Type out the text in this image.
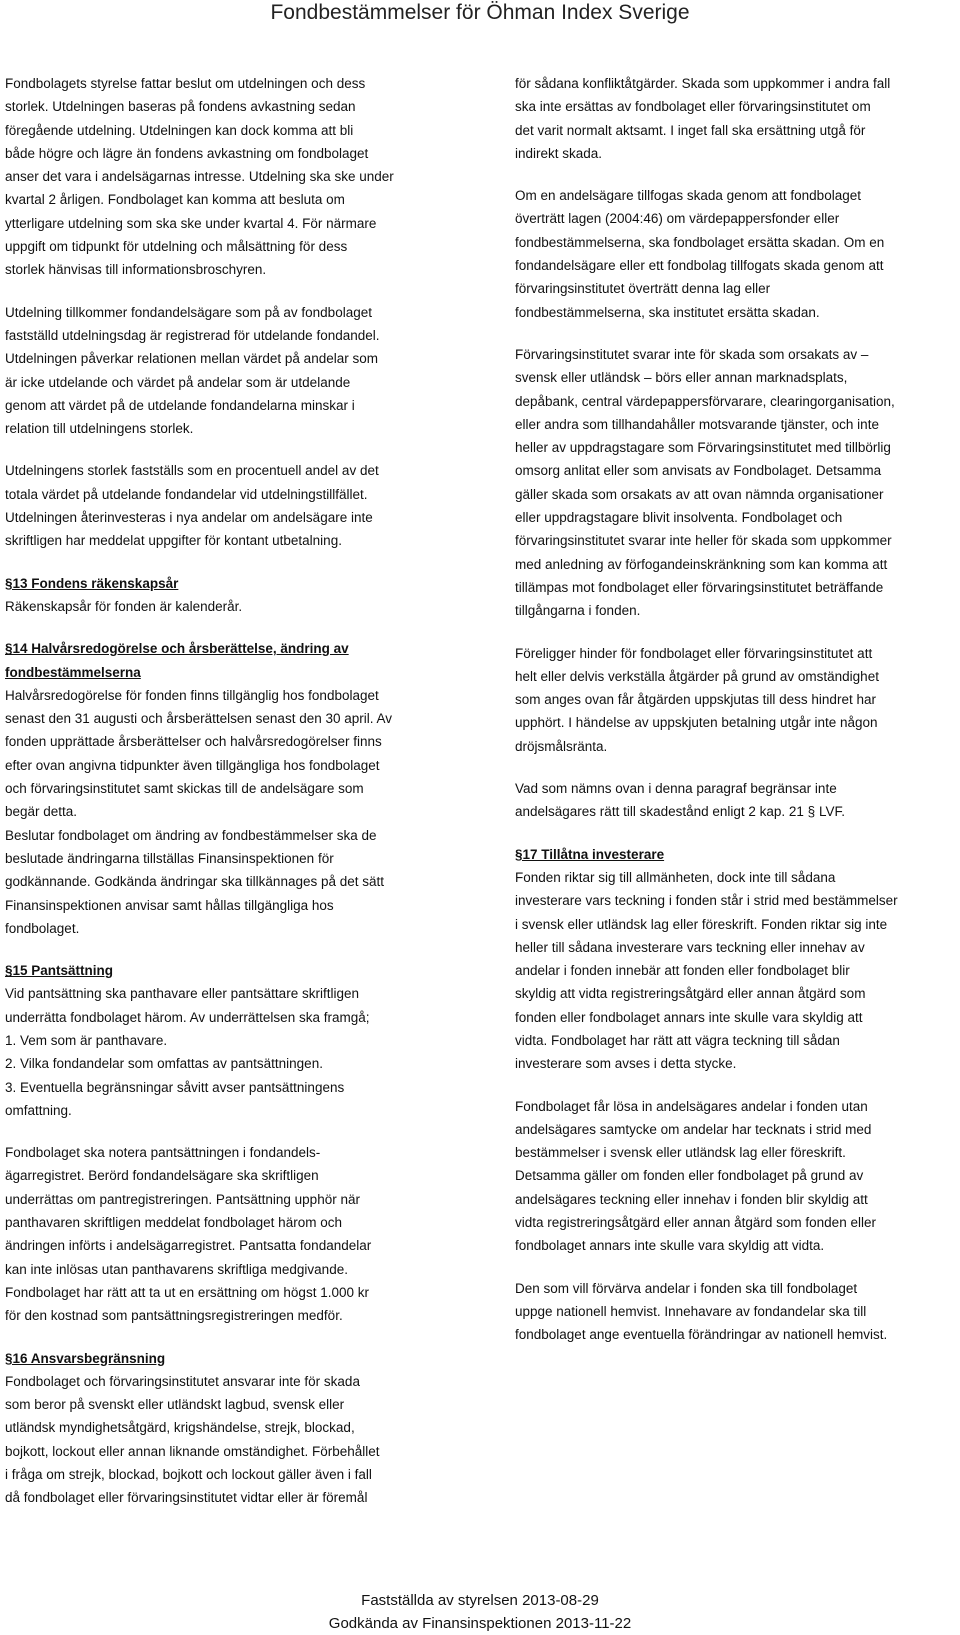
Fondbestämmelser för Öhman Index Sverige
Fondbolagets styrelse fattar beslut om utdelningen och dess
storlek. Utdelningen baseras på fondens avkastning sedan
föregående utdelning. Utdelningen kan dock komma att bli
både högre och lägre än fondens avkastning om fondbolaget
anser det vara i andelsägarnas intresse. Utdelning ska ske under
kvartal 2 årligen. Fondbolaget kan komma att besluta om
ytterligare utdelning som ska ske under kvartal 4. För närmare
uppgift om tidpunkt för utdelning och målsättning för dess
storlek hänvisas till informationsbroschyren.
Utdelning tillkommer fondandelsägare som på av fondbolaget
fastställd utdelningsdag är registrerad för utdelande fondandel.
Utdelningen påverkar relationen mellan värdet på andelar som
är icke utdelande och värdet på andelar som är utdelande
genom att värdet på de utdelande fondandelarna minskar i
relation till utdelningens storlek.
Utdelningens storlek fastställs som en procentuell andel av det
totala värdet på utdelande fondandelar vid utdelningstillfället.
Utdelningen återinvesteras i nya andelar om andelsägare inte
skriftligen har meddelat uppgifter för kontant utbetalning.
§13 Fondens räkenskapsår
Räkenskapsår för fonden är kalenderår.
§14 Halvårsredogörelse och årsberättelse, ändring av
fondbestämmelserna
Halvårsredogörelse för fonden finns tillgänglig hos fondbolaget
senast den 31 augusti och årsberättelsen senast den 30 april. Av
fonden upprättade årsberättelser och halvårsredogörelser finns
efter ovan angivna tidpunkter även tillgängliga hos fondbolaget
och förvaringsinstitutet samt skickas till de andelsägare som
begär detta.
Beslutar fondbolaget om ändring av fondbestämmelser ska de
beslutade ändringarna tillställas Finansinspektionen för
godkännande. Godkända ändringar ska tillkännages på det sätt
Finansinspektionen anvisar samt hållas tillgängliga hos
fondbolaget.
§15 Pantsättning
Vid pantsättning ska panthavare eller pantsättare skriftligen
underrätta fondbolaget härom. Av underrättelsen ska framgå;
1. Vem som är panthavare.
2. Vilka fondandelar som omfattas av pantsättningen.
3. Eventuella begränsningar såvitt avser pantsättningens
omfattning.
Fondbolaget ska notera pantsättningen i fondandels-
ägarregistret. Berörd fondandelsägare ska skriftligen
underrättas om pantregistreringen. Pantsättning upphör när
panthavaren skriftligen meddelat fondbolaget härom och
ändringen införts i andelsägarregistret. Pantsatta fondandelar
kan inte inlösas utan panthavarens skriftliga medgivande.
Fondbolaget har rätt att ta ut en ersättning om högst 1.000 kr
för den kostnad som pantsättningsregistreringen medför.
§16 Ansvarsbegränsning
Fondbolaget och förvaringsinstitutet ansvarar inte för skada
som beror på svenskt eller utländskt lagbud, svensk eller
utländsk myndighetsåtgärd, krigshändelse, strejk, blockad,
bojkott, lockout eller annan liknande omständighet. Förbehållet
i fråga om strejk, blockad, bojkott och lockout gäller även i fall
då fondbolaget eller förvaringsinstitutet vidtar eller är föremål
för sådana konfliktåtgärder. Skada som uppkommer i andra fall
ska inte ersättas av fondbolaget eller förvaringsinstitutet om
det varit normalt aktsamt. I inget fall ska ersättning utgå för
indirekt skada.
Om en andelsägare tillfogas skada genom att fondbolaget
överträtt lagen (2004:46) om värdepappersfonder eller
fondbestämmelserna, ska fondbolaget ersätta skadan. Om en
fondandelsägare eller ett fondbolag tillfogats skada genom att
förvaringsinstitutet överträtt denna lag eller
fondbestämmelserna, ska institutet ersätta skadan.
Förvaringsinstitutet svarar inte för skada som orsakats av –
svensk eller utländsk – börs eller annan marknadsplats,
depåbank, central värdepappersförvarare, clearingorganisation,
eller andra som tillhandahåller motsvarande tjänster, och inte
heller av uppdragstagare som Förvaringsinstitutet med tillbörlig
omsorg anlitat eller som anvisats av Fondbolaget. Detsamma
gäller skada som orsakats av att ovan nämnda organisationer
eller uppdragstagare blivit insolventa. Fondbolaget och
förvaringsinstitutet svarar inte heller för skada som uppkommer
med anledning av förfogandeinskränkning som kan komma att
tillämpas mot fondbolaget eller förvaringsinstitutet beträffande
tillgångarna i fonden.
Föreligger hinder för fondbolaget eller förvaringsinstitutet att
helt eller delvis verkställa åtgärder på grund av omständighet
som anges ovan får åtgärden uppskjutas till dess hindret har
upphört. I händelse av uppskjuten betalning utgår inte någon
dröjsmålsränta.
Vad som nämns ovan i denna paragraf begränsar inte
andelsägares rätt till skadestånd enligt 2 kap. 21 § LVF.
§17 Tillåtna investerare
Fonden riktar sig till allmänheten, dock inte till sådana
investerare vars teckning i fonden står i strid med bestämmelser
i svensk eller utländsk lag eller föreskrift. Fonden riktar sig inte
heller till sådana investerare vars teckning eller innehav av
andelar i fonden innebär att fonden eller fondbolaget blir
skyldig att vidta registreringsåtgärd eller annan åtgärd som
fonden eller fondbolaget annars inte skulle vara skyldig att
vidta. Fondbolaget har rätt att vägra teckning till sådan
investerare som avses i detta stycke.
Fondbolaget får lösa in andelsägares andelar i fonden utan
andelsägares samtycke om andelar har tecknats i strid med
bestämmelser i svensk eller utländsk lag eller föreskrift.
Detsamma gäller om fonden eller fondbolaget på grund av
andelsägares teckning eller innehav i fonden blir skyldig att
vidta registreringsåtgärd eller annan åtgärd som fonden eller
fondbolaget annars inte skulle vara skyldig att vidta.
Den som vill förvärva andelar i fonden ska till fondbolaget
uppge nationell hemvist. Innehavare av fondandelar ska till
fondbolaget ange eventuella förändringar av nationell hemvist.
Fastställda av styrelsen 2013-08-29
Godkända av Finansinspektionen 2013-11-22
